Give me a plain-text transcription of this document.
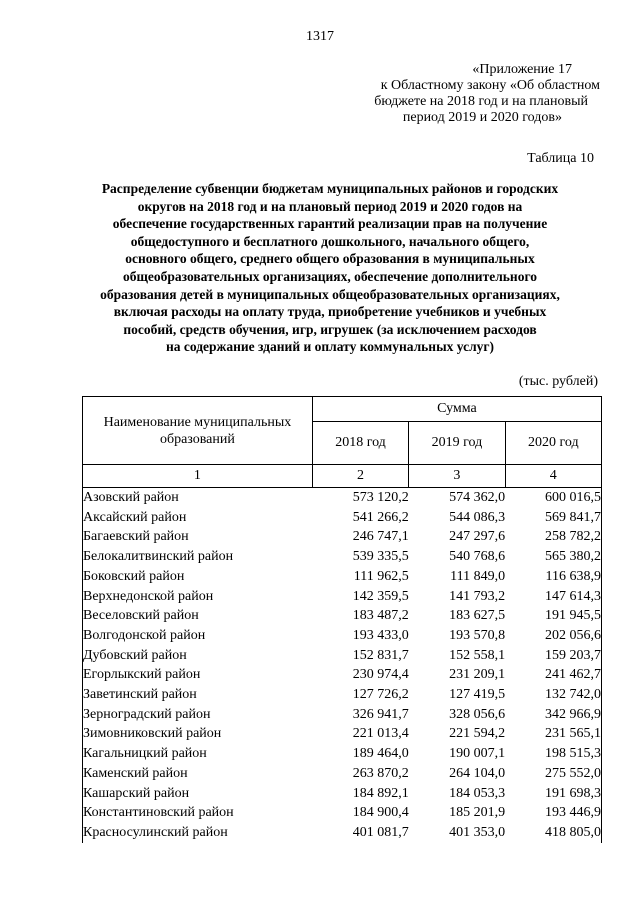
1317
«Приложение 17
к Областному закону «Об областном
бюджете на 2018 год и на плановый
период 2019 и 2020 годов»
Таблица 10
Распределение субвенции бюджетам муниципальных районов и городских
округов на 2018 год и на плановый период 2019 и 2020 годов на
обеспечение государственных гарантий реализации прав на получение
общедоступного и бесплатного дошкольного, начального общего,
основного общего, среднего общего образования в муниципальных
общеобразовательных организациях, обеспечение дополнительного
образования детей в муниципальных общеобразовательных организациях,
включая расходы на оплату труда, приобретение учебников и учебных
пособий, средств обучения, игр, игрушек (за исключением расходов
на содержание зданий и оплату коммунальных услуг)
(тыс. рублей)
Наименование муниципальных образований	Сумма		
	2018 год	2019 год	2020 год
1	2	3	4
Азовский район	573 120,2	574 362,0	600 016,5
Аксайский район	541 266,2	544 086,3	569 841,7
Багаевский район	246 747,1	247 297,6	258 782,2
Белокалитвинский район	539 335,5	540 768,6	565 380,2
Боковский район	111 962,5	111 849,0	116 638,9
Верхнедонской район	142 359,5	141 793,2	147 614,3
Веселовский район	183 487,2	183 627,5	191 945,5
Волгодонской район	193 433,0	193 570,8	202 056,6
Дубовский район	152 831,7	152 558,1	159 203,7
Егорлыкский район	230 974,4	231 209,1	241 462,7
Заветинский район	127 726,2	127 419,5	132 742,0
Зерноградский район	326 941,7	328 056,6	342 966,9
Зимовниковский район	221 013,4	221 594,2	231 565,1
Кагальницкий район	189 464,0	190 007,1	198 515,3
Каменский район	263 870,2	264 104,0	275 552,0
Кашарский район	184 892,1	184 053,3	191 698,3
Константиновский район	184 900,4	185 201,9	193 446,9
Красносулинский район	401 081,7	401 353,0	418 805,0
